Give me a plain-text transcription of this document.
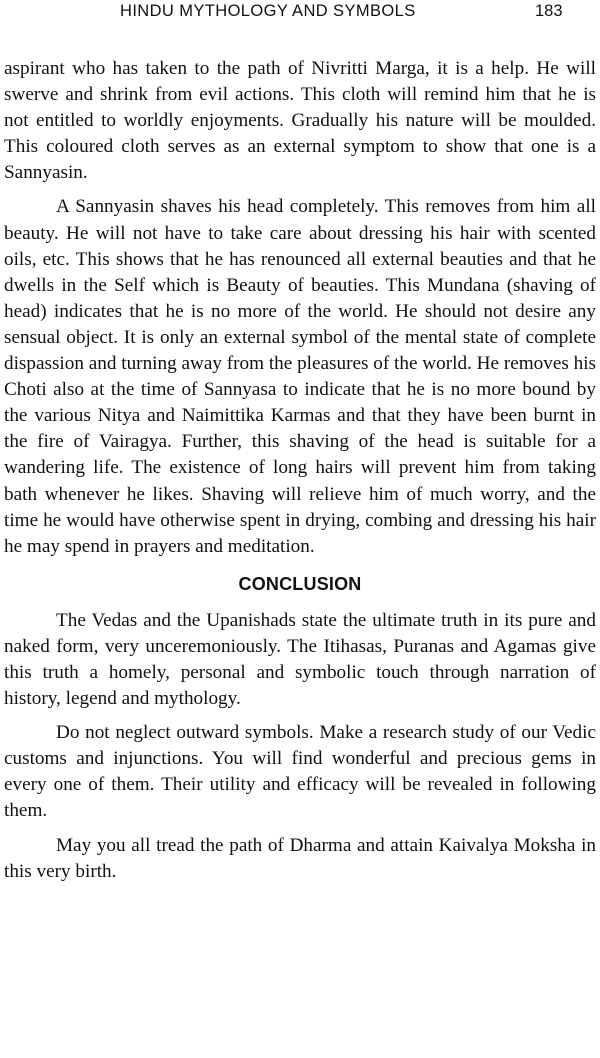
HINDU MYTHOLOGY AND SYMBOLS	183

aspirant who has taken to the path of Nivritti Marga, it is a help. He will swerve and shrink from evil actions. This cloth will remind him that he is not entitled to worldly enjoyments. Gradually his nature will be moulded. This coloured cloth serves as an external symptom to show that one is a Sannyasin.

A Sannyasin shaves his head completely. This removes from him all beauty. He will not have to take care about dressing his hair with scented oils, etc. This shows that he has renounced all external beauties and that he dwells in the Self which is Beauty of beauties. This Mundana (shaving of head) indicates that he is no more of the world. He should not desire any sensual object. It is only an external symbol of the mental state of complete dispassion and turning away from the pleasures of the world. He removes his Choti also at the time of Sannyasa to indicate that he is no more bound by the various Nitya and Naimittika Karmas and that they have been burnt in the fire of Vairagya. Further, this shaving of the head is suitable for a wandering life. The existence of long hairs will prevent him from taking bath whenever he likes. Shaving will relieve him of much worry, and the time he would have otherwise spent in drying, combing and dressing his hair he may spend in prayers and meditation.

CONCLUSION

The Vedas and the Upanishads state the ultimate truth in its pure and naked form, very unceremoniously. The Itihasas, Puranas and Agamas give this truth a homely, personal and symbolic touch through narration of history, legend and mythology.

Do not neglect outward symbols. Make a research study of our Vedic customs and injunctions. You will find wonderful and precious gems in every one of them. Their utility and efficacy will be revealed in following them.

May you all tread the path of Dharma and attain Kaivalya Moksha in this very birth.
